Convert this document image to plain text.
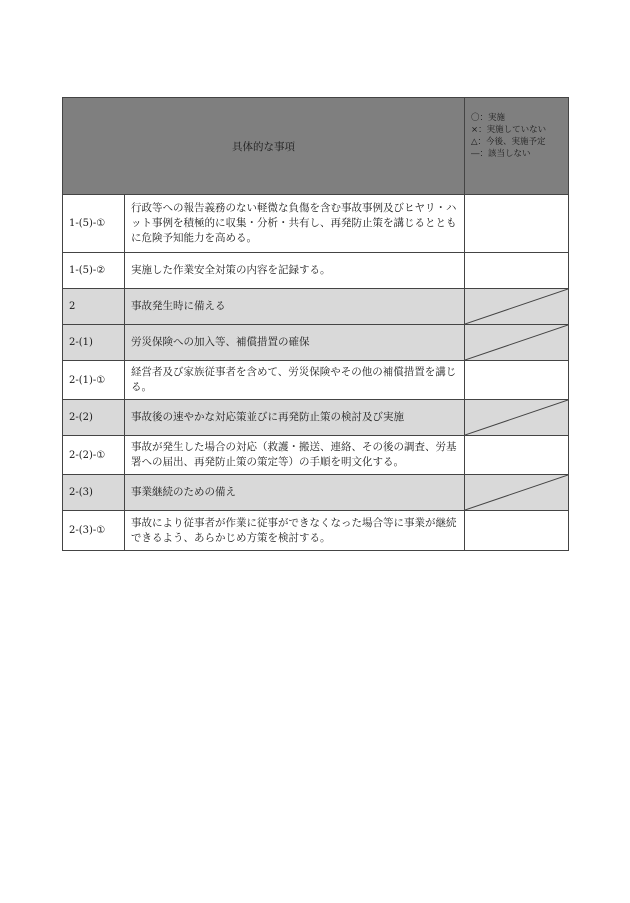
具体的な事項		〇：実施
×：実施していない
△：今後、実施予定
―：該当しない

1-(5)-①	行政等への報告義務のない軽微な負傷を含む事故事例及びヒヤリ・ハット事例を積極的に収集・分析・共有し、再発防止策を講じるとともに危険予知能力を高める。	
1-(5)-②	実施した作業安全対策の内容を記録する。	
2	事故発生時に備える	

2-(1)	労災保険への加入等、補償措置の確保	

2-(1)-①	経営者及び家族従事者を含めて、労災保険やその他の補償措置を講じる。	
2-(2)	事故後の速やかな対応策並びに再発防止策の検討及び実施	

2-(2)-①	事故が発生した場合の対応（救護・搬送、連絡、その後の調査、労基署への届出、再発防止策の策定等）の手順を明文化する。	
2-(3)	事業継続のための備え	

2-(3)-①	事故により従事者が作業に従事ができなくなった場合等に事業が継続できるよう、あらかじめ方策を検討する。	
